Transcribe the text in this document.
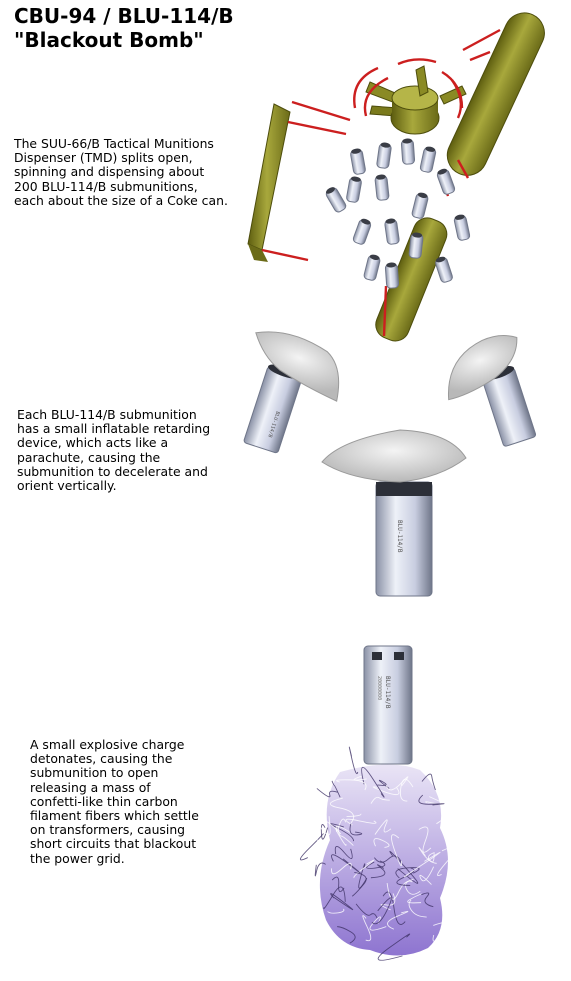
CBU-94 / BLU-114/B
"Blackout Bomb"
The SUU-66/B Tactical Munitions
Dispenser (TMD) splits open,
spinning and dispensing about
200 BLU-114/B submunitions,
each about the size of a Coke can.
Each BLU-114/B submunition
has a small inflatable retarding
device, which acts like a
parachute, causing the
submunition to decelerate and
orient vertically.
A small explosive charge
detonates, causing the
submunition to open
releasing a mass of
confetti-like thin carbon
filament fibers which settle
on transformers, causing
short circuits that blackout
the power grid.
BLU-114/B
BLU-114/B
BLU-114/B
20000000
